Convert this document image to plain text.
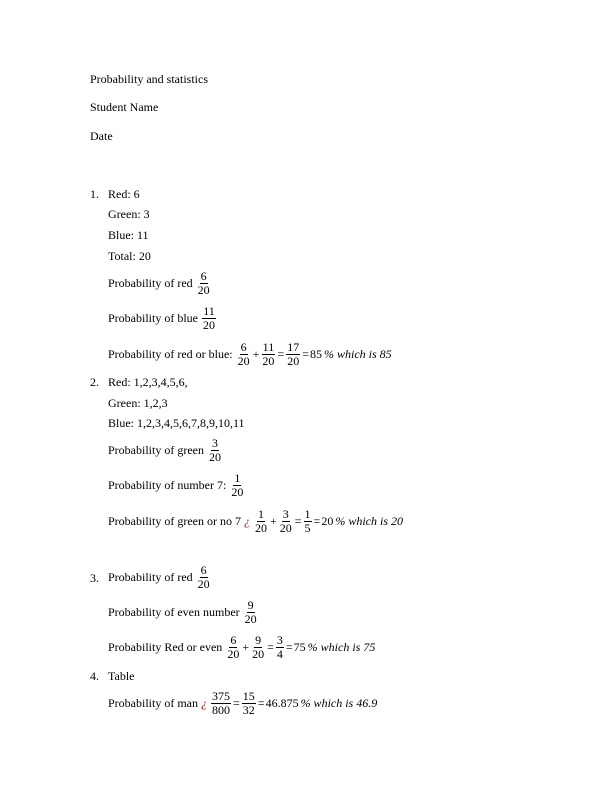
Probability and statistics
Student Name
Date
1. Red: 6
Green: 3
Blue: 11
Total: 20
Probability of red $\frac{6}{20}$
Probability of blue $\frac{11}{20}$
Probability of red or blue: $\frac{6}{20} + \frac{11}{20} = \frac{17}{20} = 85$ % which is 85
2. Red: 1,2,3,4,5,6,
Green: 1,2,3
Blue: 1,2,3,4,5,6,7,8,9,10,11
Probability of green $\frac{3}{20}$
Probability of number 7: $\frac{1}{20}$
Probability of green or no 7 ¿ $\frac{1}{20} + \frac{3}{20} = \frac{1}{5} = 20$ % which is 20
3. Probability of red $\frac{6}{20}$
Probability of even number $\frac{9}{20}$
Probability Red or even $\frac{6}{20} + \frac{9}{20} = \frac{3}{4} = 75$ % which is 75
4. Table
Probability of man ¿ $\frac{375}{800} = \frac{15}{32} = 46.875$ % which is 46.9
